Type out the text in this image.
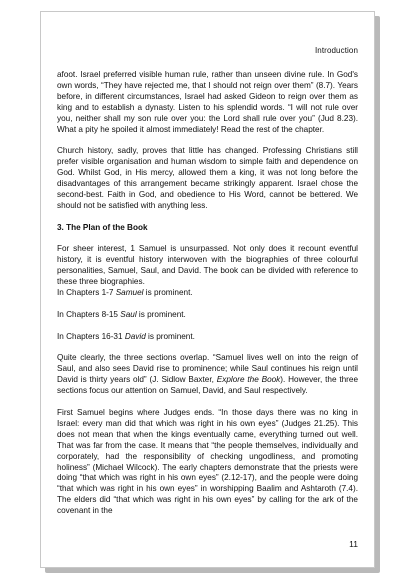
Introduction

afoot. Israel preferred visible human rule, rather than unseen divine rule. In God's own words, “They have rejected me, that I should not reign over them” (8.7). Years before, in different circumstances, Israel had asked Gideon to reign over them as king and to establish a dynasty. Listen to his splendid words. “I will not rule over you, neither shall my son rule over you: the Lord shall rule over you” (Jud 8.23). What a pity he spoiled it almost immediately! Read the rest of the chapter.

Church history, sadly, proves that little has changed. Professing Christians still prefer visible organisation and human wisdom to simple faith and dependence on God. Whilst God, in His mercy, allowed them a king, it was not long before the disadvantages of this arrangement became strikingly apparent. Israel chose the second-best. Faith in God, and obedience to His Word, cannot be bettered. We should not be satisfied with anything less.

3. The Plan of the Book

For sheer interest, 1 Samuel is unsurpassed. Not only does it recount eventful history, it is eventful history interwoven with the biographies of three colourful personalities, Samuel, Saul, and David. The book can be divided with reference to these three biographies.

In Chapters 1-7 Samuel is prominent.

In Chapters 8-15 Saul is prominent.

In Chapters 16-31 David is prominent.

Quite clearly, the three sections overlap. “Samuel lives well on into the reign of Saul, and also sees David rise to prominence; while Saul continues his reign until David is thirty years old” (J. Sidlow Baxter, Explore the Book). However, the three sections focus our attention on Samuel, David, and Saul respectively.

First Samuel begins where Judges ends. “In those days there was no king in Israel: every man did that which was right in his own eyes” (Judges 21.25). This does not mean that when the kings eventually came, everything turned out well. That was far from the case. It means that “the people themselves, individually and corporately, had the responsibility of checking ungodliness, and promoting holiness” (Michael Wilcock). The early chapters demonstrate that the priests were doing “that which was right in his own eyes” (2.12-17), and the people were doing “that which was right in his own eyes” in worshipping Baalim and Ashtaroth (7.4). The elders did “that which was right in his own eyes” by calling for the ark of the covenant in the

11
